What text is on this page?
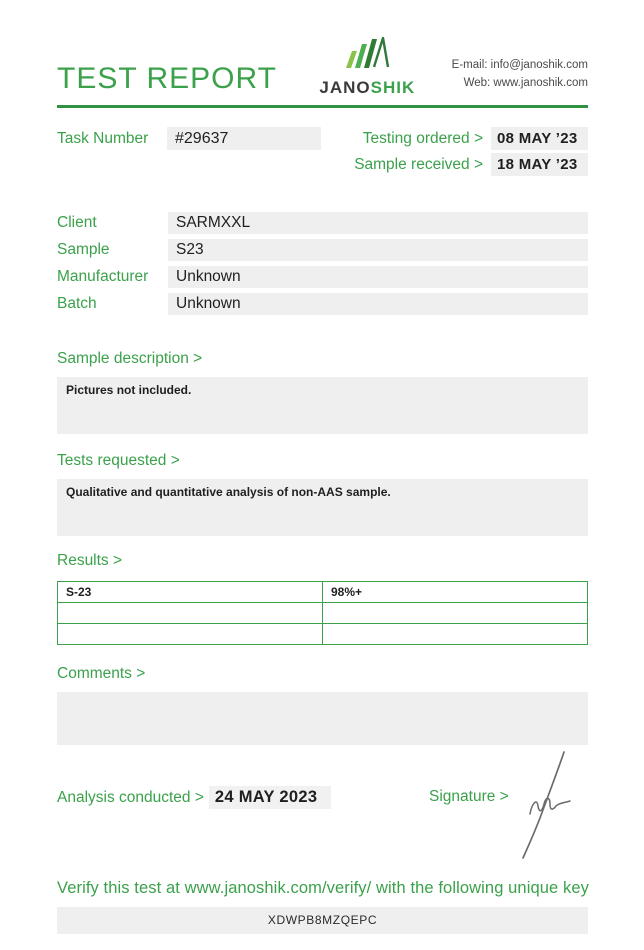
TEST REPORT JANOSHIK
E-mail: info@janoshik.com
Web: www.janoshik.com
Task Number	#29637	Testing ordered > 08 MAY ’23
Sample received > 18 MAY ’23
Client	SARMXXL
Sample	S23
Manufacturer	Unknown
Batch	Unknown
Sample description >
Pictures not included.
Tests requested >
Qualitative and quantitative analysis of non-AAS sample.
Results >
S-23	98%+

Comments >
Analysis conducted > 24 MAY 2023	Signature >
Verify this test at www.janoshik.com/verify/ with the following unique key
XDWPB8MZQEPC
